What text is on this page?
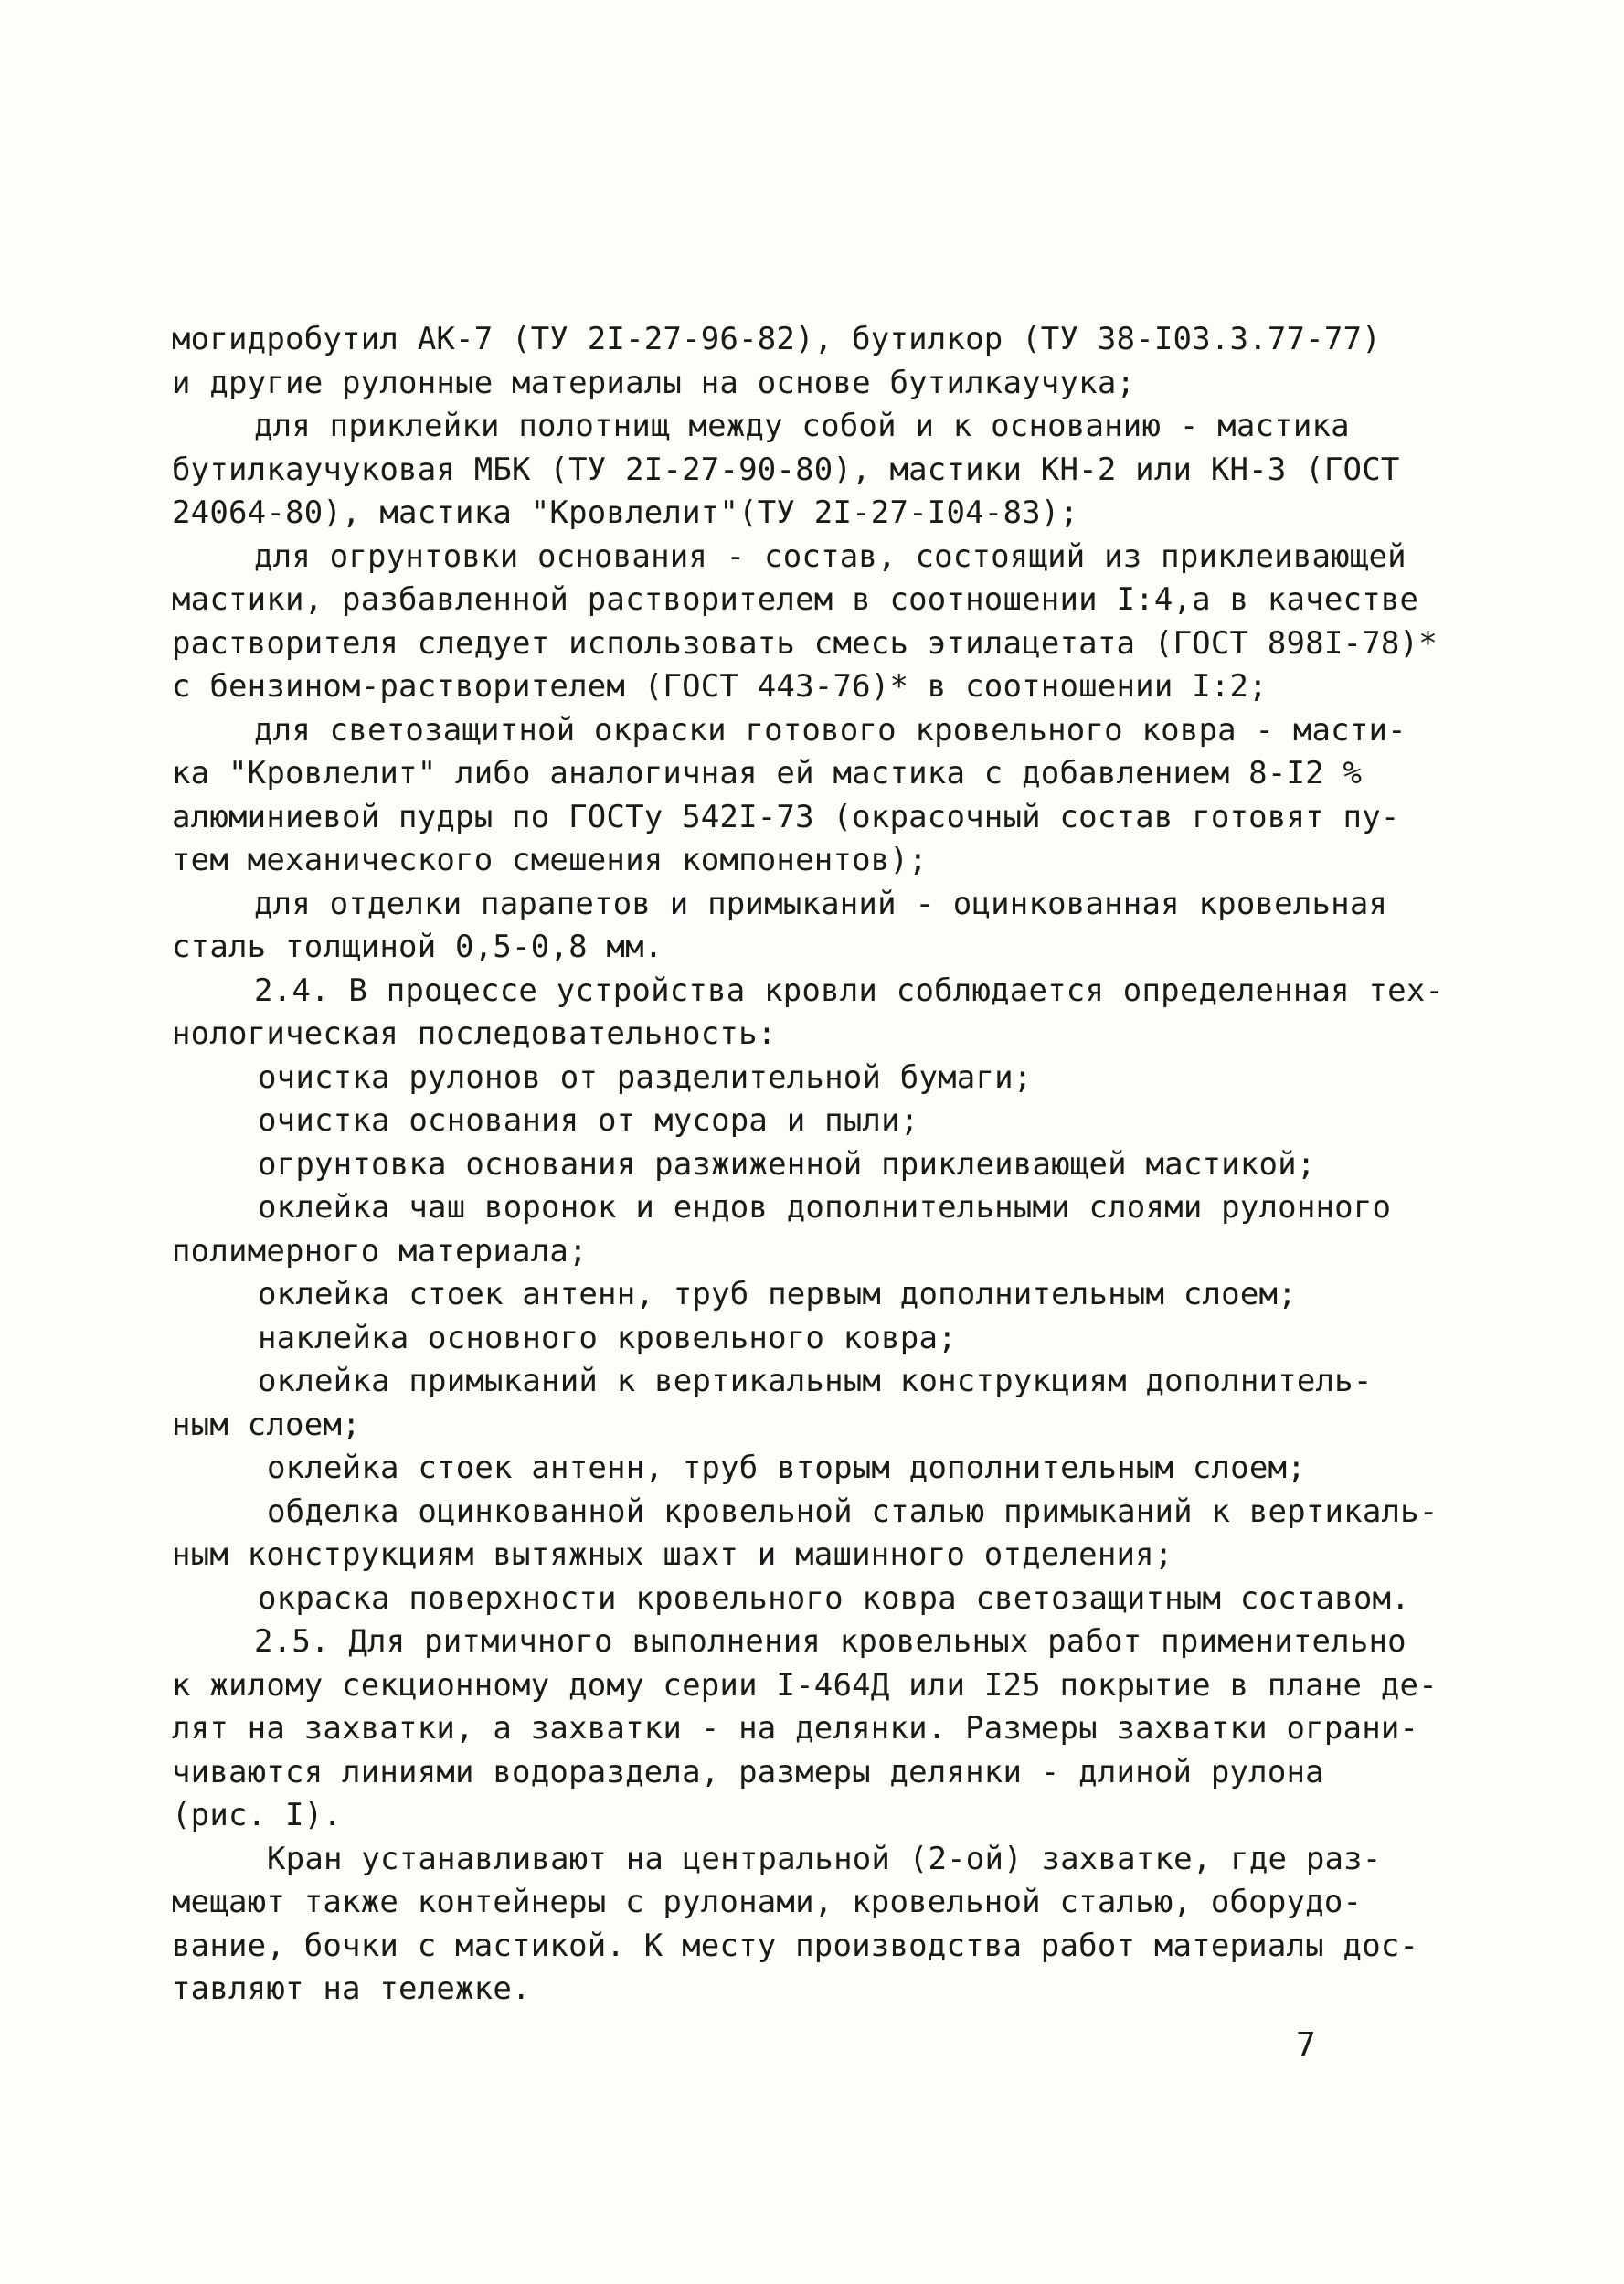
могидробутил АК-7 (ТУ 2I-27-96-82), бутилкор (ТУ 38-I03.3.77-77)
и другие рулонные материалы на основе бутилкаучука;
для приклейки полотнищ между собой и к основанию - мастика
бутилкаучуковая МБК (ТУ 2I-27-90-80), мастики КН-2 или КН-3 (ГОСТ
24064-80), мастика "Кровлелит"(ТУ 2I-27-I04-83);
для огрунтовки основания - состав, состоящий из приклеивающей
мастики, разбавленной растворителем в соотношении I:4,а в качестве
растворителя следует использовать смесь этилацетата (ГОСТ 898I-78)*
с бензином-растворителем (ГОСТ 443-76)* в соотношении I:2;
для светозащитной окраски готового кровельного ковра - масти-
ка "Кровлелит" либо аналогичная ей мастика с добавлением 8-I2 %
алюминиевой пудры по ГОСТу 542I-73 (окрасочный состав готовят пу-
тем механического смешения компонентов);
для отделки парапетов и примыканий - оцинкованная кровельная
сталь толщиной 0,5-0,8 мм.
2.4. В процессе устройства кровли соблюдается определенная тех-
нологическая последовательность:
очистка рулонов от разделительной бумаги;
очистка основания от мусора и пыли;
огрунтовка основания разжиженной приклеивающей мастикой;
оклейка чаш воронок и ендов дополнительными слоями рулонного
полимерного материала;
оклейка стоек антенн, труб первым дополнительным слоем;
наклейка основного кровельного ковра;
оклейка примыканий к вертикальным конструкциям дополнитель-
ным слоем;
оклейка стоек антенн, труб вторым дополнительным слоем;
обделка оцинкованной кровельной сталью примыканий к вертикаль-
ным конструкциям вытяжных шахт и машинного отделения;
окраска поверхности кровельного ковра светозащитным составом.
2.5. Для ритмичного выполнения кровельных работ применительно
к жилому секционному дому серии I-464Д или I25 покрытие в плане де-
лят на захватки, а захватки - на делянки. Размеры захватки ограни-
чиваются линиями водораздела, размеры делянки - длиной рулона
(рис. I).
Кран устанавливают на центральной (2-ой) захватке, где раз-
мещают также контейнеры с рулонами, кровельной сталью, оборудо-
вание, бочки с мастикой. К месту производства работ материалы дос-
тавляют на тележке.
7
